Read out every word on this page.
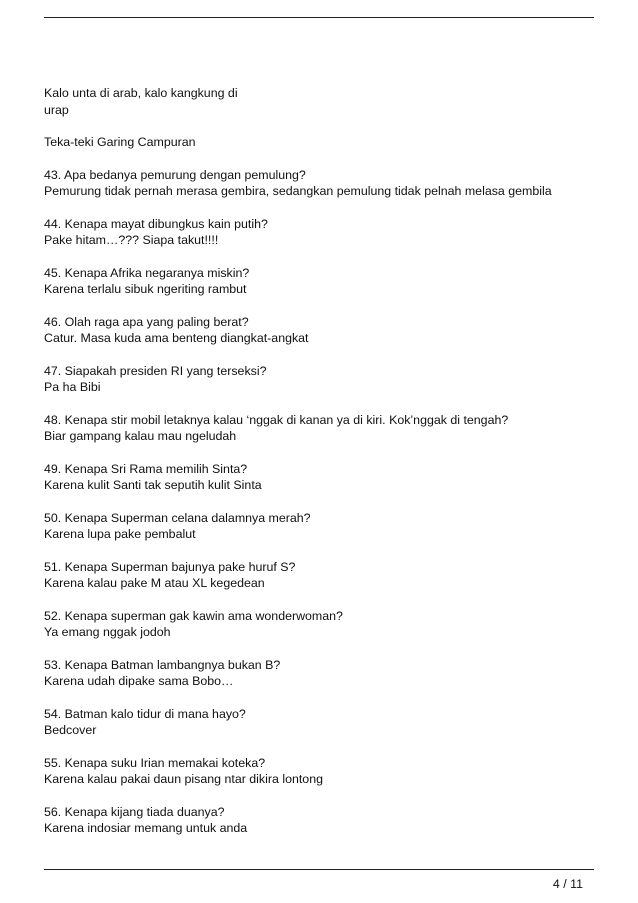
Kalo unta di arab, kalo kangkung di
urap
Teka-teki Garing Campuran
43. Apa bedanya pemurung dengan pemulung?
Pemurung tidak pernah merasa gembira, sedangkan pemulung tidak pelnah melasa gembila
44. Kenapa mayat dibungkus kain putih?
Pake hitam…??? Siapa takut!!!!
45. Kenapa Afrika negaranya miskin?
Karena terlalu sibuk ngeriting rambut
46. Olah raga apa yang paling berat?
Catur. Masa kuda ama benteng diangkat-angkat
47. Siapakah presiden RI yang terseksi?
Pa ha Bibi
48. Kenapa stir mobil letaknya kalau ‘nggak di kanan ya di kiri. Kok’nggak di tengah?
Biar gampang kalau mau ngeludah
49. Kenapa Sri Rama memilih Sinta?
Karena kulit Santi tak seputih kulit Sinta
50. Kenapa Superman celana dalamnya merah?
Karena lupa pake pembalut
51. Kenapa Superman bajunya pake huruf S?
Karena kalau pake M atau XL kegedean
52. Kenapa superman gak kawin ama wonderwoman?
Ya emang nggak jodoh
53. Kenapa Batman lambangnya bukan B?
Karena udah dipake sama Bobo…
54. Batman kalo tidur di mana hayo?
Bedcover
55. Kenapa suku Irian memakai koteka?
Karena kalau pakai daun pisang ntar dikira lontong
56. Kenapa kijang tiada duanya?
Karena indosiar memang untuk anda
4 / 11
